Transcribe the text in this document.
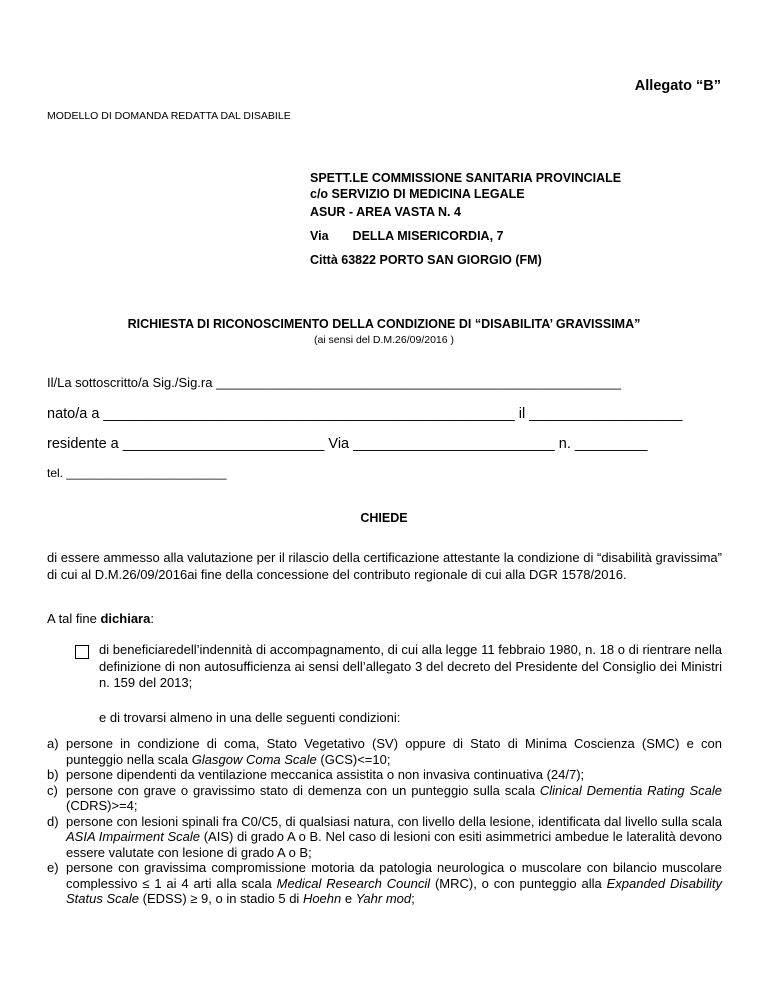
Allegato “B”
MODELLO DI DOMANDA REDATTA DAL DISABILE
SPETT.LE COMMISSIONE SANITARIA PROVINCIALE
c/o SERVIZIO DI MEDICINA LEGALE
ASUR - AREA VASTA N. 4
Via DELLA MISERICORDIA, 7
Città 63822 PORTO SAN GIORGIO (FM)
RICHIESTA DI RICONOSCIMENTO DELLA CONDIZIONE DI “DISABILITA’ GRAVISSIMA”
(ai sensi del D.M.26/09/2016 )
Il/La sottoscritto/a Sig./Sig.ra ________________________________________________________
nato/a a ___________________________________________________ il ___________________
residente a _________________________ Via _________________________ n. _________
tel. ________________________
CHIEDE
di essere ammesso alla valutazione per il rilascio della certificazione attestante la condizione di “disabilità gravissima” di cui al D.M.26/09/2016ai fine della concessione del contributo regionale di cui alla DGR 1578/2016.
A tal fine dichiara:
di beneficiaredell’indennità di accompagnamento, di cui alla legge 11 febbraio 1980, n. 18 o di rientrare nella definizione di non autosufficienza ai sensi dell’allegato 3 del decreto del Presidente del Consiglio dei Ministri n. 159 del 2013;
e di trovarsi almeno in una delle seguenti condizioni:
a) persone in condizione di coma, Stato Vegetativo (SV) oppure di Stato di Minima Coscienza (SMC) e con punteggio nella scala Glasgow Coma Scale (GCS)<=10;
b) persone dipendenti da ventilazione meccanica assistita o non invasiva continuativa (24/7);
c) persone con grave o gravissimo stato di demenza con un punteggio sulla scala Clinical Dementia Rating Scale (CDRS)>=4;
d) persone con lesioni spinali fra C0/C5, di qualsiasi natura, con livello della lesione, identificata dal livello sulla scala ASIA Impairment Scale (AIS) di grado A o B. Nel caso di lesioni con esiti asimmetrici ambedue le lateralità devono essere valutate con lesione di grado A o B;
e) persone con gravissima compromissione motoria da patologia neurologica o muscolare con bilancio muscolare complessivo ≤ 1 ai 4 arti alla scala Medical Research Council (MRC), o con punteggio alla Expanded Disability Status Scale (EDSS) ≥ 9, o in stadio 5 di Hoehn e Yahr mod;
